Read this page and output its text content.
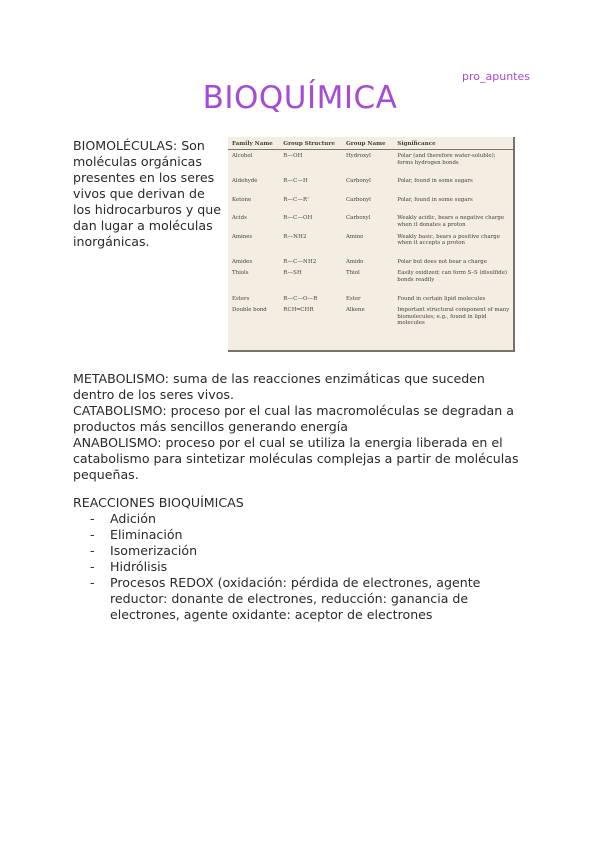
pro_apuntes
BIOQUÍMICA
BIOMOLÉCULAS: Son moléculas orgánicas presentes en los seres vivos que derivan de los hidrocarburos y que dan lugar a moléculas inorgánicas.
Family Name	Group Structure	Group Name	Significance
Alcohol	R—OH	Hydroxyl	Polar (and therefore water-soluble); forms hydrogen bonds
Aldehyde	R—C—H	Carbonyl	Polar, found in some sugars
Ketone	R—C—R'	Carbonyl	Polar, found in some sugars
Acids	R—C—OH	Carboxyl	Weakly acidic, bears a negative charge when it donates a proton
Amines	R—NH2	Amino	Weakly basic, bears a positive charge when it accepts a proton
Amides	R—C—NH2	Amido	Polar but does not bear a charge
Thiols	R—SH	Thiol	Easily oxidized; can form S–S (disulfide) bonds readily
Esters	R—C—O—R	Ester	Found in certain lipid molecules
Double bond	RCH═CHR	Alkene	Important structural component of many biomolecules; e.g., found in lipid molecules
METABOLISMO: suma de las reacciones enzimáticas que suceden
dentro de los seres vivos.
CATABOLISMO: proceso por el cual las macromoléculas se degradan a
productos más sencillos generando energía
ANABOLISMO: proceso por el cual se utiliza la energia liberada en el
catabolismo para sintetizar moléculas complejas a partir de moléculas
pequeñas.
REACCIONES BIOQUÍMICAS
- Adición
- Eliminación
- Isomerización
- Hidrólisis
- Procesos REDOX (oxidación: pérdida de electrones, agente reductor: donante de electrones, reducción: ganancia de electrones, agente oxidante: aceptor de electrones
